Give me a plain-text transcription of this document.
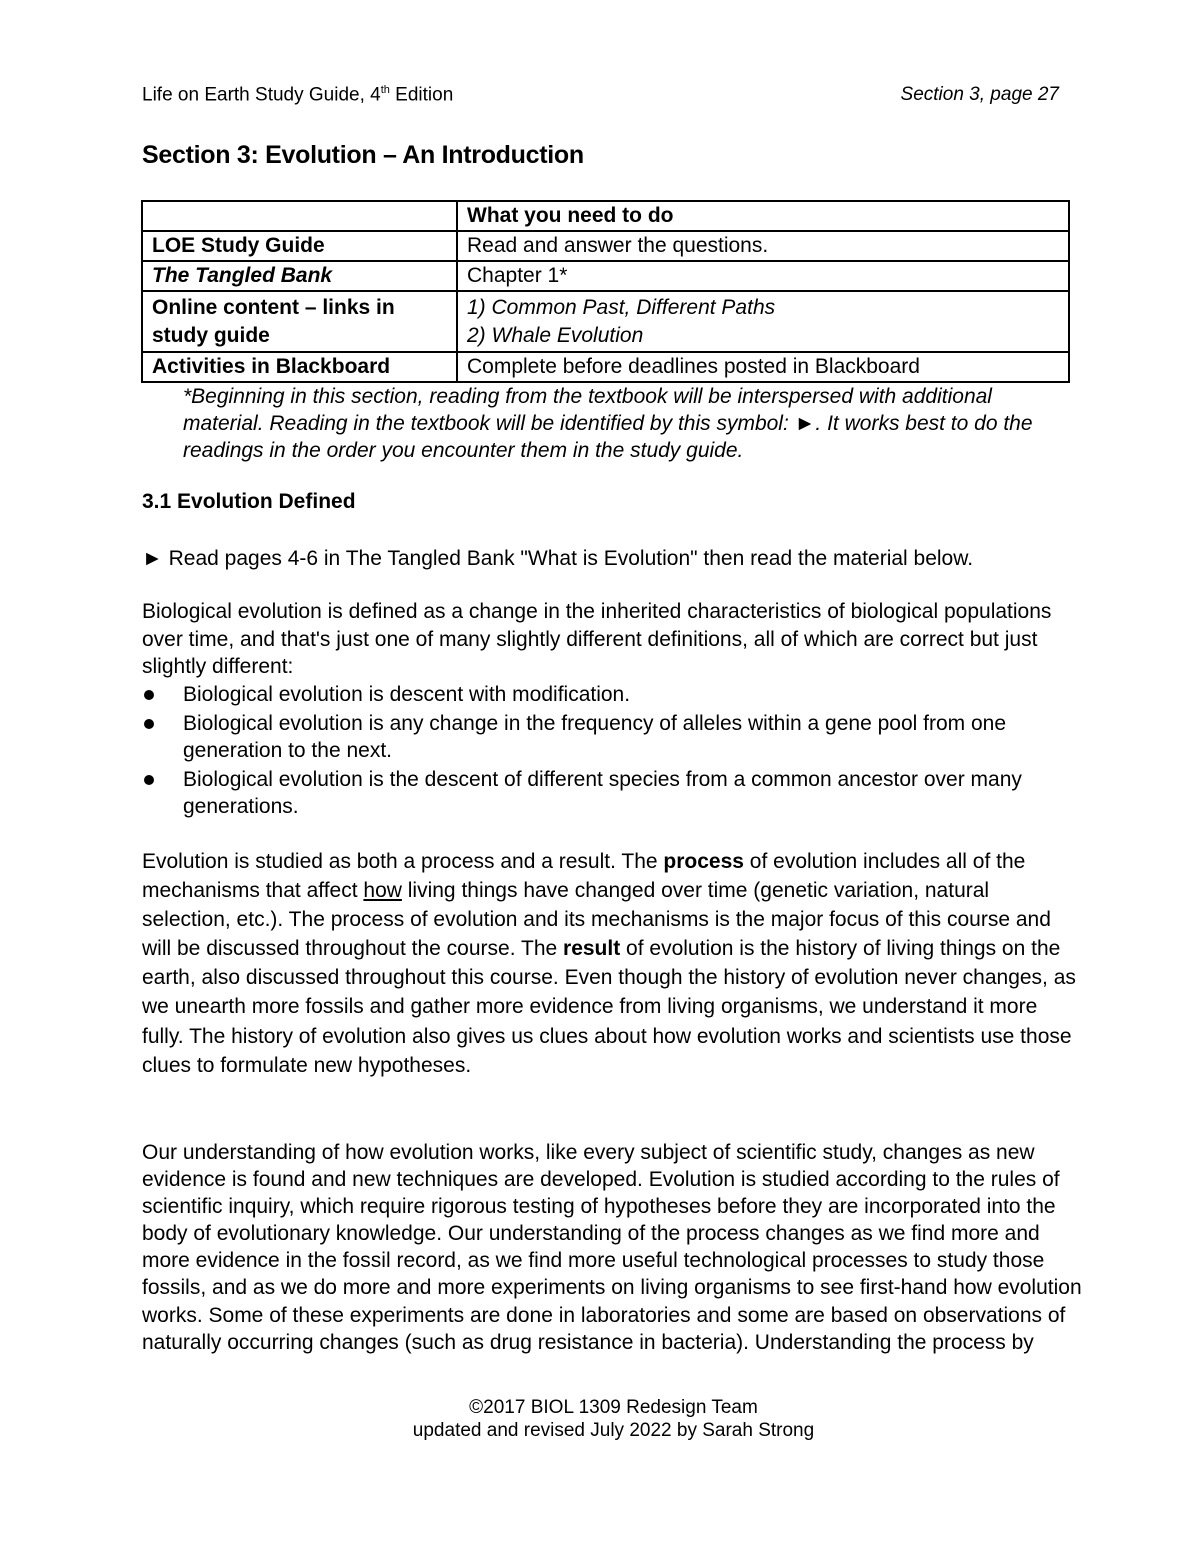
Life on Earth Study Guide, 4th Edition	Section 3, page 27
Section 3: Evolution – An Introduction
	What you need to do
LOE Study Guide	Read and answer the questions.
The Tangled Bank	Chapter 1*
Online content – links in study guide	1) Common Past, Different Paths
2) Whale Evolution

Activities in Blackboard	Complete before deadlines posted in Blackboard
*Beginning in this section, reading from the textbook will be interspersed with additional material. Reading in the textbook will be identified by this symbol: ►. It works best to do the readings in the order you encounter them in the study guide.
3.1 Evolution Defined
► Read pages 4-6 in The Tangled Bank "What is Evolution" then read the material below.
Biological evolution is defined as a change in the inherited characteristics of biological populations over time, and that's just one of many slightly different definitions, all of which are correct but just slightly different:
Biological evolution is descent with modification.
Biological evolution is any change in the frequency of alleles within a gene pool from one generation to the next.
Biological evolution is the descent of different species from a common ancestor over many generations.
Evolution is studied as both a process and a result. The process of evolution includes all of the mechanisms that affect how living things have changed over time (genetic variation, natural selection, etc.). The process of evolution and its mechanisms is the major focus of this course and will be discussed throughout the course. The result of evolution is the history of living things on the earth, also discussed throughout this course. Even though the history of evolution never changes, as we unearth more fossils and gather more evidence from living organisms, we understand it more fully. The history of evolution also gives us clues about how evolution works and scientists use those clues to formulate new hypotheses.
Our understanding of how evolution works, like every subject of scientific study, changes as new evidence is found and new techniques are developed. Evolution is studied according to the rules of scientific inquiry, which require rigorous testing of hypotheses before they are incorporated into the body of evolutionary knowledge. Our understanding of the process changes as we find more and more evidence in the fossil record, as we find more useful technological processes to study those fossils, and as we do more and more experiments on living organisms to see first-hand how evolution works. Some of these experiments are done in laboratories and some are based on observations of naturally occurring changes (such as drug resistance in bacteria). Understanding the process by
©2017 BIOL 1309 Redesign Team
updated and revised July 2022 by Sarah Strong
